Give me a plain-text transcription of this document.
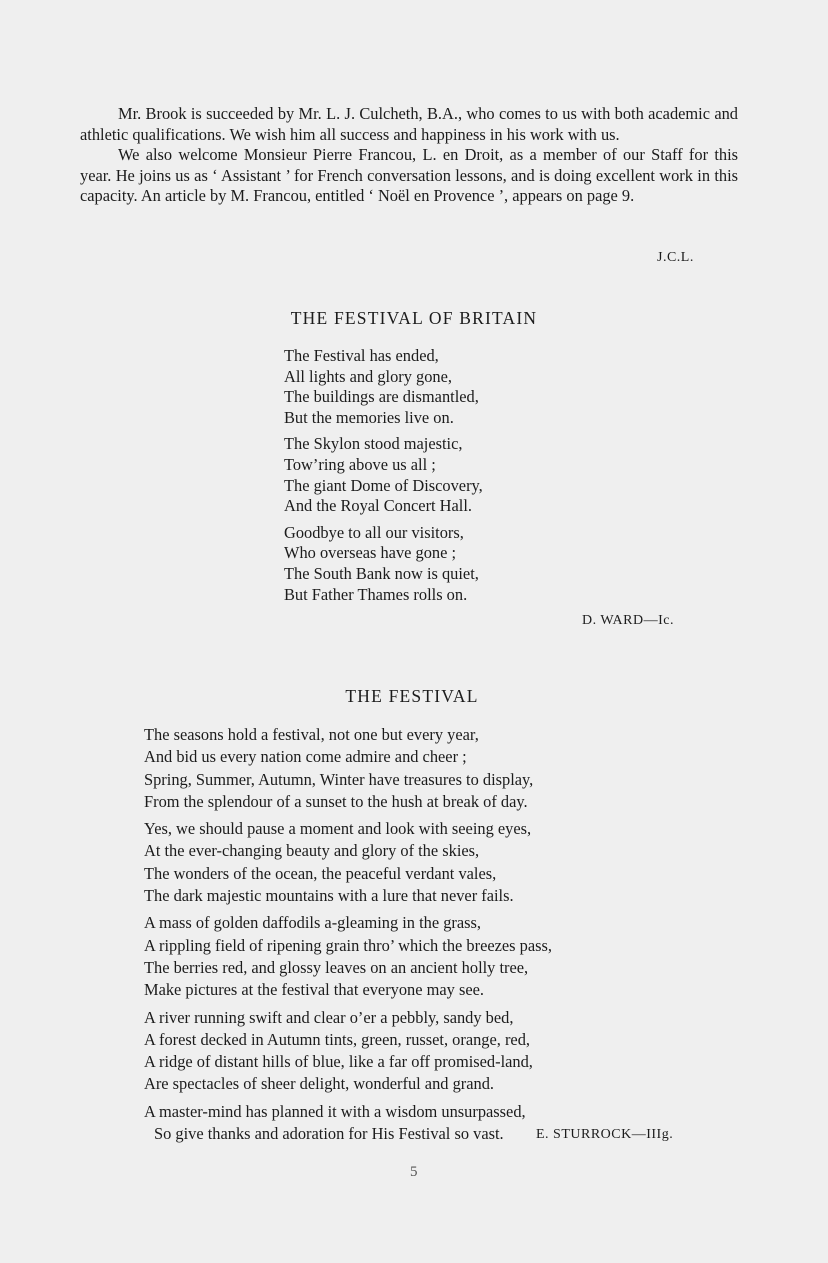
Mr. Brook is succeeded by Mr. L. J. Culcheth, B.A., who comes to us with both academic and athletic qualifications. We wish him all success and happiness in his work with us.

We also welcome Monsieur Pierre Francou, L. en Droit, as a member of our Staff for this year. He joins us as ‘ Assistant ’ for French conversation lessons, and is doing excellent work in this capacity. An article by M. Francou, entitled ‘ Noël en Provence ’, appears on page 9.

J.C.L.
THE FESTIVAL OF BRITAIN
The Festival has ended,
All lights and glory gone,
The buildings are dismantled,
But the memories live on.
The Skylon stood majestic,
Tow’ring above us all ;
The giant Dome of Discovery,
And the Royal Concert Hall.
Goodbye to all our visitors,
Who overseas have gone ;
The South Bank now is quiet,
But Father Thames rolls on.
D. WARD—Ic.
THE FESTIVAL
The seasons hold a festival, not one but every year,
And bid us every nation come admire and cheer ;
Spring, Summer, Autumn, Winter have treasures to display,
From the splendour of a sunset to the hush at break of day.
Yes, we should pause a moment and look with seeing eyes,
At the ever-changing beauty and glory of the skies,
The wonders of the ocean, the peaceful verdant vales,
The dark majestic mountains with a lure that never fails.
A mass of golden daffodils a-gleaming in the grass,
A rippling field of ripening grain thro’ which the breezes pass,
The berries red, and glossy leaves on an ancient holly tree,
Make pictures at the festival that everyone may see.
A river running swift and clear o’er a pebbly, sandy bed,
A forest decked in Autumn tints, green, russet, orange, red,
A ridge of distant hills of blue, like a far off promised-land,
Are spectacles of sheer delight, wonderful and grand.
A master-mind has planned it with a wisdom unsurpassed,
So give thanks and adoration for His Festival so vast.	E. STURROCK—IIIg.
5
